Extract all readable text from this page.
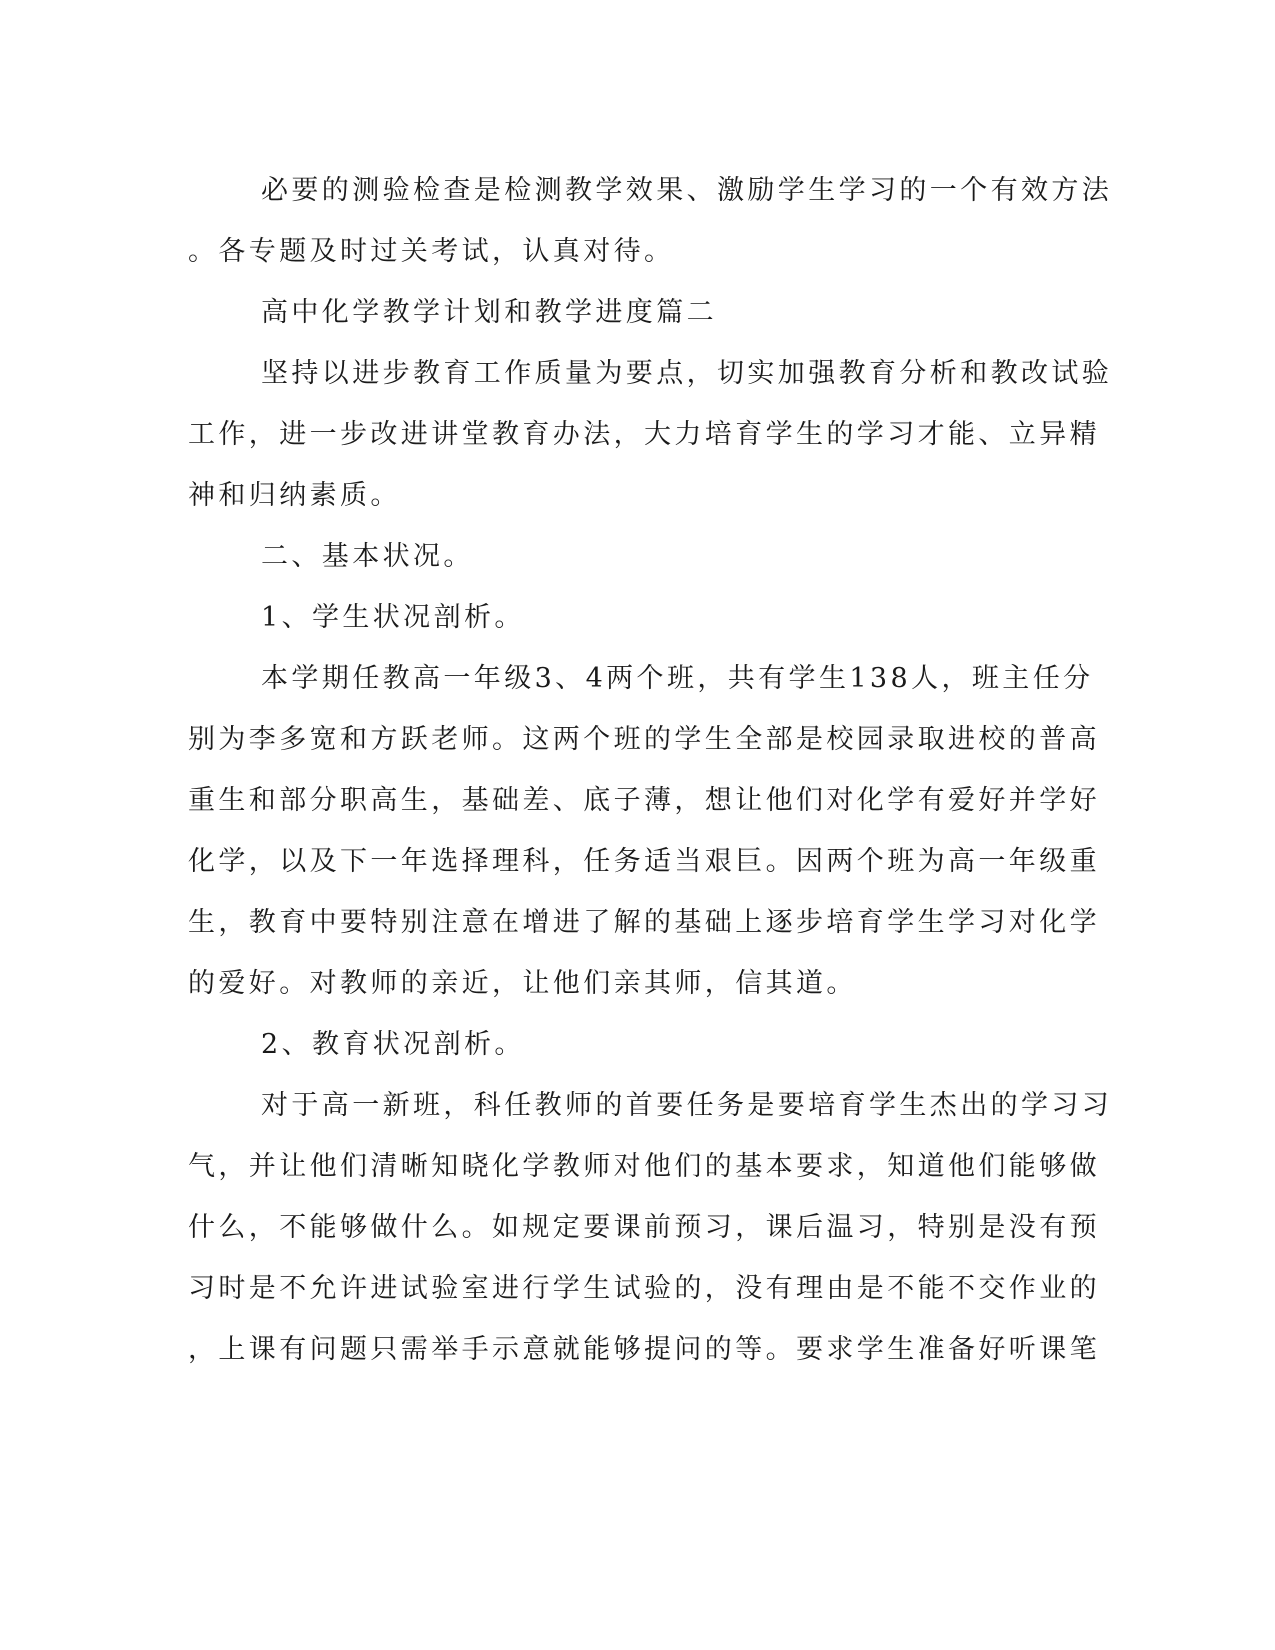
必要的测验检查是检测教学效果、激励学生学习的一个有效方法

。各专题及时过关考试，认真对待。

高中化学教学计划和教学进度篇二

坚持以进步教育工作质量为要点，切实加强教育分析和教改试验

工作，进一步改进讲堂教育办法，大力培育学生的学习才能、立异精

神和归纳素质。

二、基本状况。

1、学生状况剖析。

本学期任教高一年级3、4两个班，共有学生138人，班主任分

别为李多宽和方跃老师。这两个班的学生全部是校园录取进校的普高

重生和部分职高生，基础差、底子薄，想让他们对化学有爱好并学好

化学，以及下一年选择理科，任务适当艰巨。因两个班为高一年级重

生，教育中要特别注意在增进了解的基础上逐步培育学生学习对化学

的爱好。对教师的亲近，让他们亲其师，信其道。

2、教育状况剖析。

对于高一新班，科任教师的首要任务是要培育学生杰出的学习习

气，并让他们清晰知晓化学教师对他们的基本要求，知道他们能够做

什么，不能够做什么。如规定要课前预习，课后温习，特别是没有预

习时是不允许进试验室进行学生试验的，没有理由是不能不交作业的

，上课有问题只需举手示意就能够提问的等。要求学生准备好听课笔
